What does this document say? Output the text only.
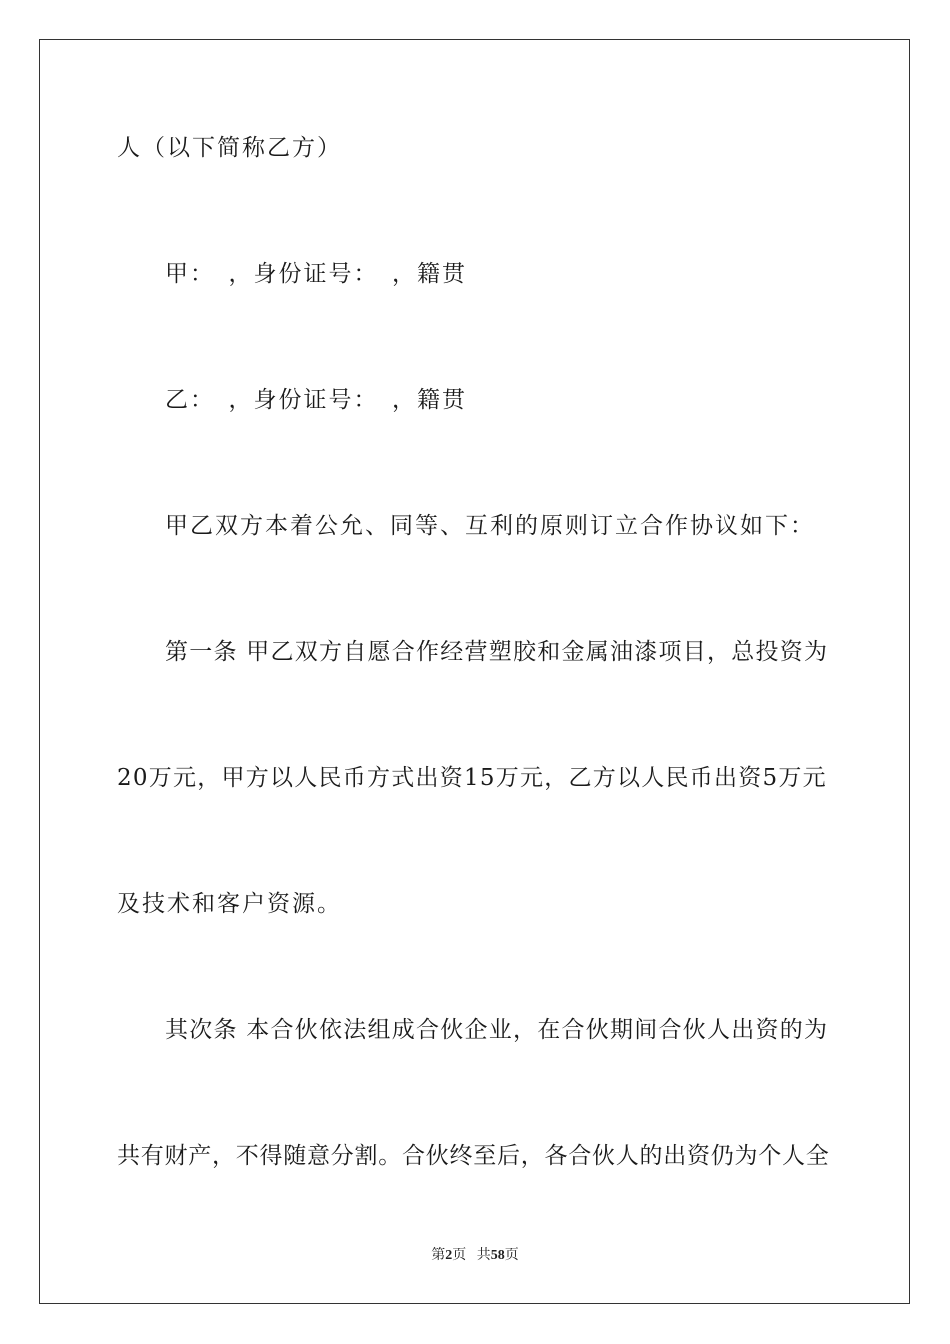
人（以下简称乙方）
甲：　，身份证号：　，籍贯
乙：　，身份证号：　，籍贯
甲乙双方本着公允、同等、互利的原则订立合作协议如下：
第一条 甲乙双方自愿合作经营塑胶和金属油漆项目，总投资为
20万元，甲方以人民币方式出资15万元，乙方以人民币出资5万元
及技术和客户资源。
其次条 本合伙依法组成合伙企业，在合伙期间合伙人出资的为
共有财产，不得随意分割。合伙终至后，各合伙人的出资仍为个人全
第2页 共58页
